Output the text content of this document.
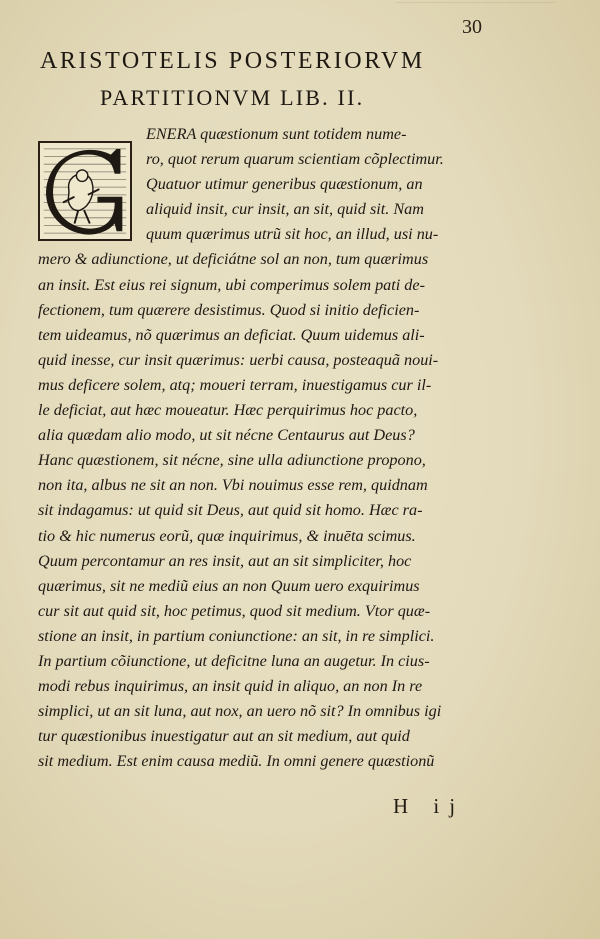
30
ARISTOTELIS POSTERIORVM
PARTITIONVM LIB. II.
ENERA quæstionum sunt totidem nume-
ro, quot rerum quarum scientiam cõplectimur.
Quatuor utimur generibus quæstionum, an
aliquid insit, cur insit, an sit, quid sit. Nam
quum quærimus utrũ sit hoc, an illud, usi nu-
mero & adiunctione, ut deficiátne sol an non, tum quærimus
an insit. Est eius rei signum, ubi comperimus solem pati de-
fectionem, tum quærere desistimus. Quod si initio deficien-
tem uideamus, nõ quærimus an deficiat. Quum uidemus ali-
quid inesse, cur insit quærimus: uerbi causa, posteaquã noui-
mus deficere solem, atq; moueri terram, inuestigamus cur il-
le deficiat, aut hæc moueatur. Hæc perquirimus hoc pacto,
alia quædam alio modo, ut sit nécne Centaurus aut Deus?
Hanc quæstionem, sit nécne, sine ulla adiunctione propono,
non ita, albus ne sit an non. Vbi nouimus esse rem, quidnam
sit indagamus: ut quid sit Deus, aut quid sit homo. Hæc ra-
tio & hic numerus eorũ, quæ inquirimus, & inuēta scimus.
Quum percontamur an res insit, aut an sit simpliciter, hoc
quærimus, sit ne mediũ eius an non Quum uero exquirimus
cur sit aut quid sit, hoc petimus, quod sit medium. Vtor quæ-
stione an insit, in partium coniunctione: an sit, in re simplici.
In partium cõiunctione, ut deficitne luna an augetur. In cius-
modi rebus inquirimus, an insit quid in aliquo, an non In re
simplici, ut an sit luna, aut nox, an uero nõ sit? In omnibus igi
tur quæstionibus inuestigatur aut an sit medium, aut quid
sit medium. Est enim causa mediũ. In omni genere quæstionũ
H ij
